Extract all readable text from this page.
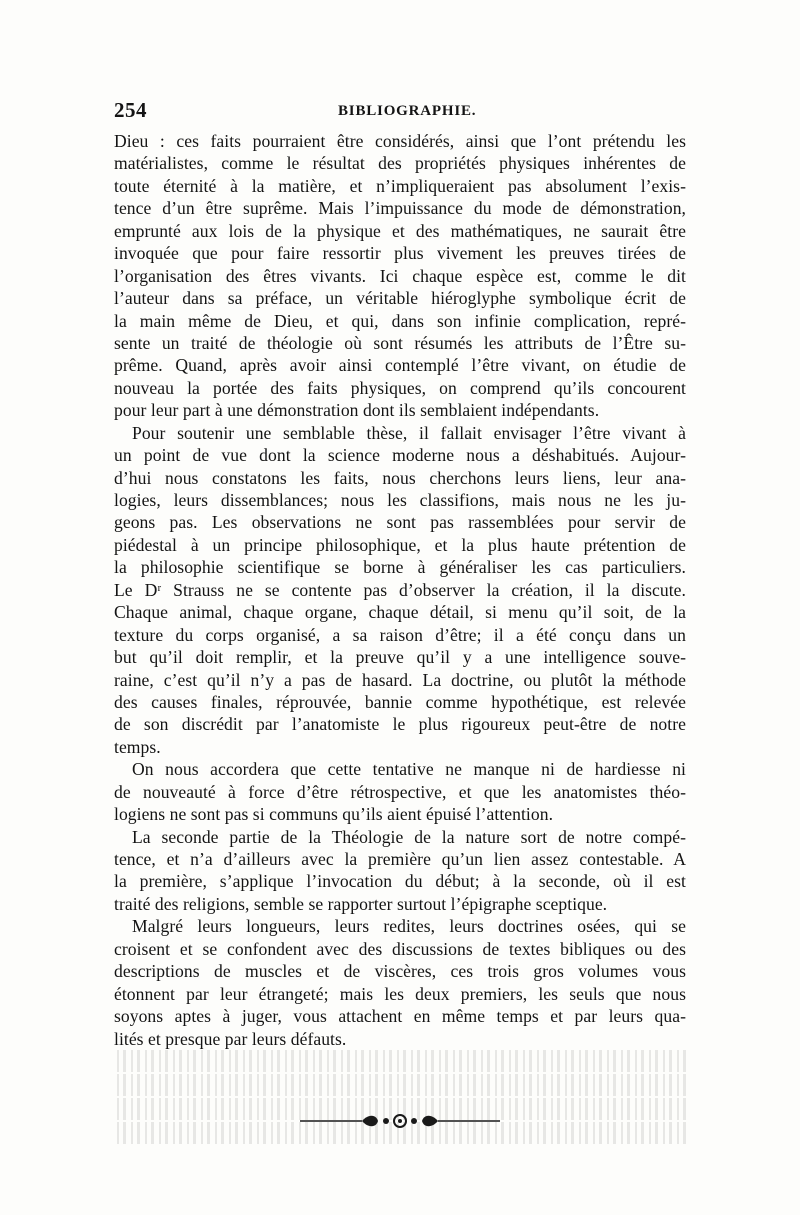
254	BIBLIOGRAPHIE.
Dieu : ces faits pourraient être considérés, ainsi que l’ont prétendu les
matérialistes, comme le résultat des propriétés physiques inhérentes de
toute éternité à la matière, et n’impliqueraient pas absolument l’exis-
tence d’un être suprême. Mais l’impuissance du mode de démonstration,
emprunté aux lois de la physique et des mathématiques, ne saurait être
invoquée que pour faire ressortir plus vivement les preuves tirées de
l’organisation des êtres vivants. Ici chaque espèce est, comme le dit
l’auteur dans sa préface, un véritable hiéroglyphe symbolique écrit de
la main même de Dieu, et qui, dans son infinie complication, repré-
sente un traité de théologie où sont résumés les attributs de l’Être su-
prême. Quand, après avoir ainsi contemplé l’être vivant, on étudie de
nouveau la portée des faits physiques, on comprend qu’ils concourent
pour leur part à une démonstration dont ils semblaient indépendants.
Pour soutenir une semblable thèse, il fallait envisager l’être vivant à
un point de vue dont la science moderne nous a déshabitués. Aujour-
d’hui nous constatons les faits, nous cherchons leurs liens, leur ana-
logies, leurs dissemblances; nous les classifions, mais nous ne les ju-
geons pas. Les observations ne sont pas rassemblées pour servir de
piédestal à un principe philosophique, et la plus haute prétention de
la philosophie scientifique se borne à généraliser les cas particuliers.
Le Dʳ Strauss ne se contente pas d’observer la création, il la discute.
Chaque animal, chaque organe, chaque détail, si menu qu’il soit, de la
texture du corps organisé, a sa raison d’être; il a été conçu dans un
but qu’il doit remplir, et la preuve qu’il y a une intelligence souve-
raine, c’est qu’il n’y a pas de hasard. La doctrine, ou plutôt la méthode
des causes finales, réprouvée, bannie comme hypothétique, est relevée
de son discrédit par l’anatomiste le plus rigoureux peut-être de notre
temps.
On nous accordera que cette tentative ne manque ni de hardiesse ni
de nouveauté à force d’être rétrospective, et que les anatomistes théo-
logiens ne sont pas si communs qu’ils aient épuisé l’attention.
La seconde partie de la Théologie de la nature sort de notre compé-
tence, et n’a d’ailleurs avec la première qu’un lien assez contestable. A
la première, s’applique l’invocation du début; à la seconde, où il est
traité des religions, semble se rapporter surtout l’épigraphe sceptique.
Malgré leurs longueurs, leurs redites, leurs doctrines osées, qui se
croisent et se confondent avec des discussions de textes bibliques ou des
descriptions de muscles et de viscères, ces trois gros volumes vous
étonnent par leur étrangeté; mais les deux premiers, les seuls que nous
soyons aptes à juger, vous attachent en même temps et par leurs qua-
lités et presque par leurs défauts.
